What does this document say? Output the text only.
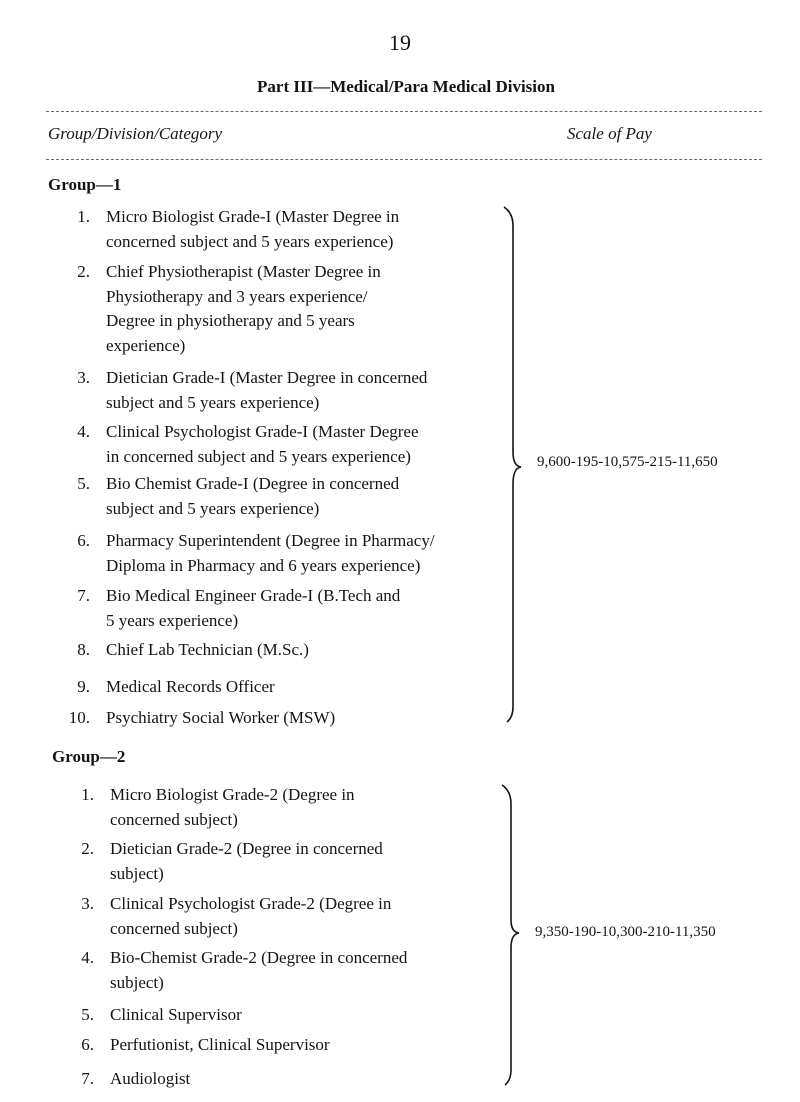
19
Part III—Medical/Para Medical Division
Group/Division/Category	Scale of Pay
Group—1
9,600-195-10,575-215-11,650
Group—2
9,350-190-10,300-210-11,350
1. Micro Biologist Grade-I (Master Degree in
concerned subject and 5 years experience)
2. Chief Physiotherapist (Master Degree in
Physiotherapy and 3 years experience/
Degree in physiotherapy and 5 years
experience)
3. Dietician Grade-I (Master Degree in concerned
subject and 5 years experience)
4. Clinical Psychologist Grade-I (Master Degree
in concerned subject and 5 years experience)
5. Bio Chemist Grade-I (Degree in concerned
subject and 5 years experience)
6. Pharmacy Superintendent (Degree in Pharmacy/
Diploma in Pharmacy and 6 years experience)
7. Bio Medical Engineer Grade-I (B.Tech and
5 years experience)
8. Chief Lab Technician (M.Sc.)
9. Medical Records Officer
10. Psychiatry Social Worker (MSW)
1. Micro Biologist Grade-2 (Degree in
concerned subject)
2. Dietician Grade-2 (Degree in concerned
subject)
3. Clinical Psychologist Grade-2 (Degree in
concerned subject)
4. Bio-Chemist Grade-2 (Degree in concerned
subject)
5. Clinical Supervisor
6. Perfutionist, Clinical Supervisor
7. Audiologist
